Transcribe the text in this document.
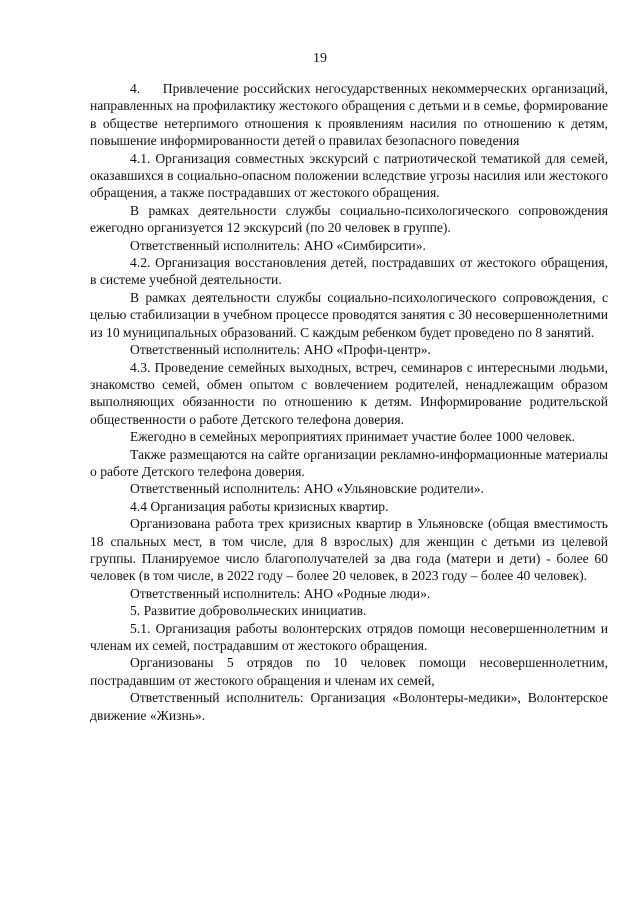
19

4.     Привлечение российских негосударственных некоммерческих организаций, направленных на профилактику жестокого обращения с детьми и в семье, формирование в обществе нетерпимого отношения к проявлениям насилия по отношению к детям, повышение информированности детей о правилах безопасного поведения

4.1. Организация совместных экскурсий с патриотической тематикой для семей, оказавшихся в социально-опасном положении вследствие угрозы насилия или жестокого обращения, а также пострадавших от жестокого обращения.

В рамках деятельности службы социально-психологического сопровождения ежегодно организуется 12 экскурсий (по 20 человек в группе).

Ответственный исполнитель: АНО «Симбирсити».

4.2. Организация восстановления детей, пострадавших от жестокого обращения, в системе учебной деятельности.

В рамках деятельности службы социально-психологического сопровождения, с целью стабилизации в учебном процессе проводятся занятия с 30 несовершеннолетними из 10 муниципальных образований. С каждым ребенком будет проведено по 8 занятий.

Ответственный исполнитель: АНО «Профи-центр».

4.3. Проведение семейных выходных, встреч, семинаров с интересными людьми, знакомство семей, обмен опытом с вовлечением родителей, ненадлежащим образом выполняющих обязанности по отношению к детям. Информирование родительской общественности о работе Детского телефона доверия.

Ежегодно в семейных мероприятиях принимает участие более 1000 человек.

Также размещаются на сайте организации рекламно-информационные материалы о работе Детского телефона доверия.

Ответственный исполнитель: АНО «Ульяновские родители».

4.4 Организация работы кризисных квартир.

Организована работа трех кризисных квартир в Ульяновске (общая вместимость 18 спальных мест, в том числе, для 8 взрослых) для женщин с детьми из целевой группы. Планируемое число благополучателей за два года (матери и дети) - более 60 человек (в том числе, в 2022 году – более 20 человек, в 2023 году – более 40 человек).

Ответственный исполнитель: АНО «Родные люди».

5. Развитие добровольческих инициатив.

5.1. Организация работы волонтерских отрядов помощи несовершеннолетним и членам их семей, пострадавшим от жестокого обращения.

Организованы 5 отрядов по 10 человек помощи несовершеннолетним, пострадавшим от жестокого обращения и членам их семей,

Ответственный исполнитель: Организация «Волонтеры-медики», Волонтерское движение «Жизнь».
